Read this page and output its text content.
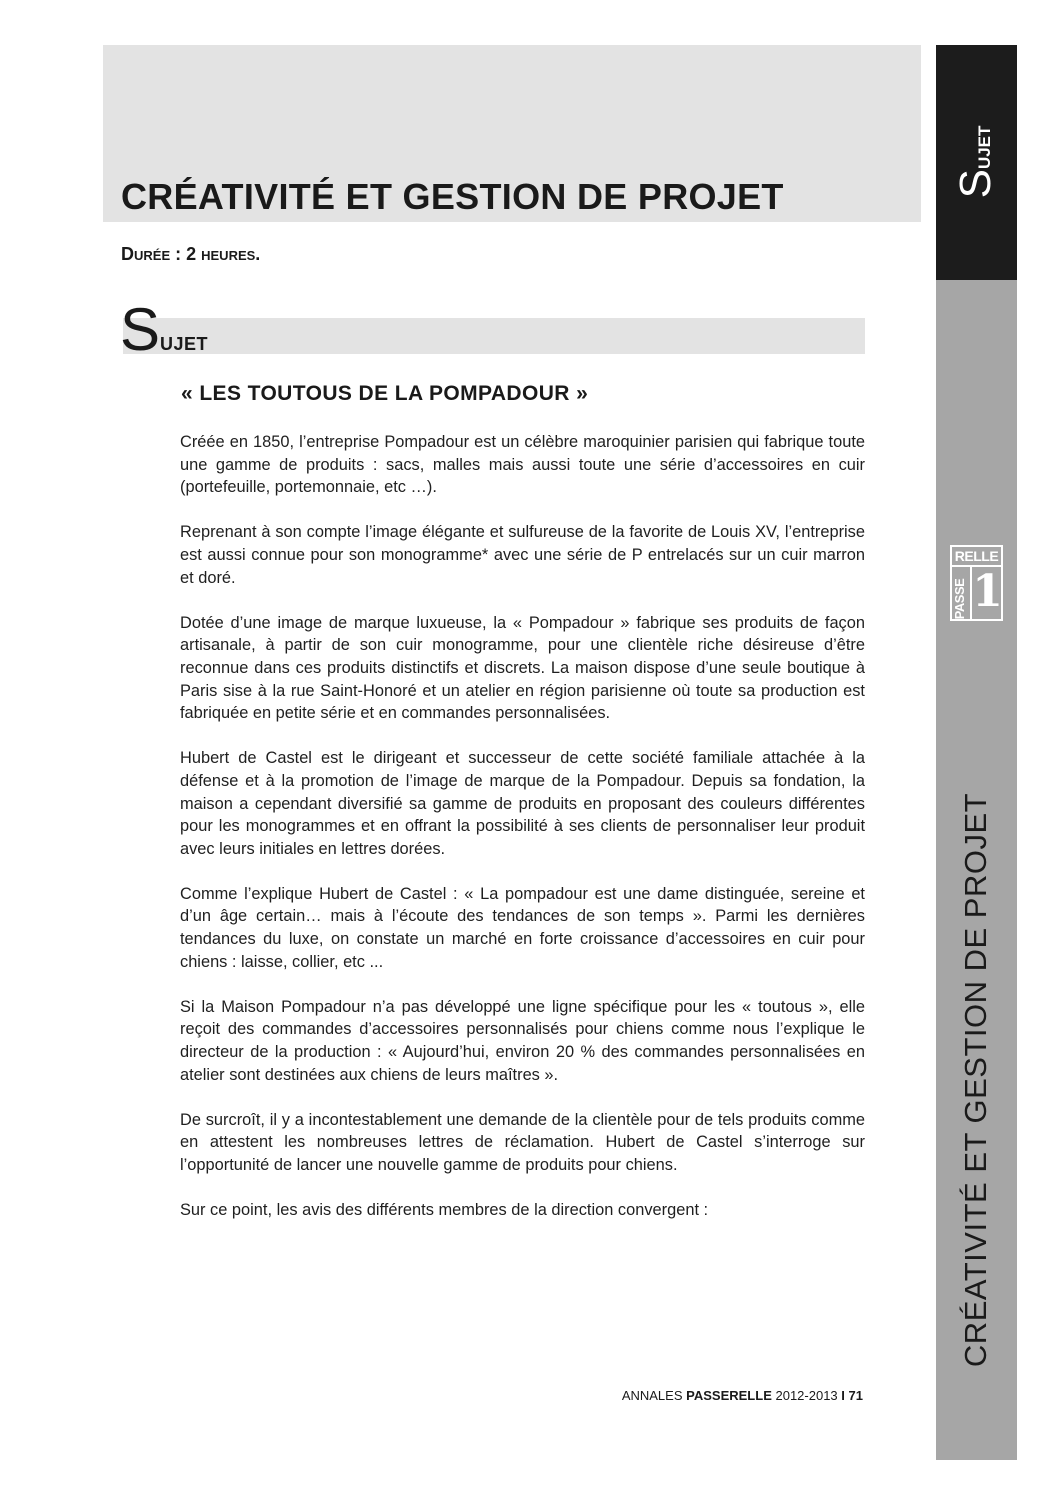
CRÉATIVITÉ ET GESTION DE PROJET
Durée : 2 heures.
Sujet
« LES TOUTOUS DE LA POMPADOUR »

Créée en 1850, l’entreprise Pompadour est un célèbre maroquinier parisien qui fabrique toute une gamme de produits : sacs, malles mais aussi toute une série d’accessoires en cuir (portefeuille, portemonnaie, etc …).

Reprenant à son compte l’image élégante et sulfureuse de la favorite de Louis XV, l’entreprise est aussi connue pour son monogramme* avec une série de P entrelacés sur un cuir marron et doré.

Dotée d’une image de marque luxueuse, la « Pompadour » fabrique ses produits de façon artisanale, à partir de son cuir monogramme, pour une clientèle riche désireuse d’être reconnue dans ces produits distinctifs et discrets. La maison dispose d’une seule boutique à Paris sise à la rue Saint-Honoré et un atelier en région parisienne où toute sa production est fabriquée en petite série et en commandes personnalisées.

Hubert de Castel est le dirigeant et successeur de cette société familiale attachée à la défense et à la promotion de l’image de marque de la Pompadour. Depuis sa fondation, la maison a cependant diversifié sa gamme de produits en proposant des couleurs différentes pour les monogrammes et en offrant la possibilité à ses clients de personnaliser leur produit avec leurs initiales en lettres dorées.

Comme l’explique Hubert de Castel : « La pompadour est une dame distinguée, sereine et d’un âge certain… mais à l’écoute des tendances de son temps ». Parmi les dernières tendances du luxe, on constate un marché en forte croissance d’accessoires en cuir pour chiens : laisse, collier, etc ...

Si la Maison Pompadour n’a pas développé une ligne spécifique pour les « toutous », elle reçoit des commandes d’accessoires personnalisés pour chiens comme nous l’explique le directeur de la production : « Aujourd’hui, environ 20 % des commandes personnalisées en atelier sont destinées aux chiens de leurs maîtres ».

De surcroît, il y a incontestablement une demande de la clientèle pour de tels produits comme en attestent les nombreuses lettres de réclamation. Hubert de Castel s’interroge sur l’opportunité de lancer une nouvelle gamme de produits pour chiens.

Sur ce point, les avis des différents membres de la direction convergent :

ANNALES PASSERELLE 2012-2013 I 71
Sujet
RELLE
PASSE 1
CRÉATIVITÉ ET GESTION DE PROJET
